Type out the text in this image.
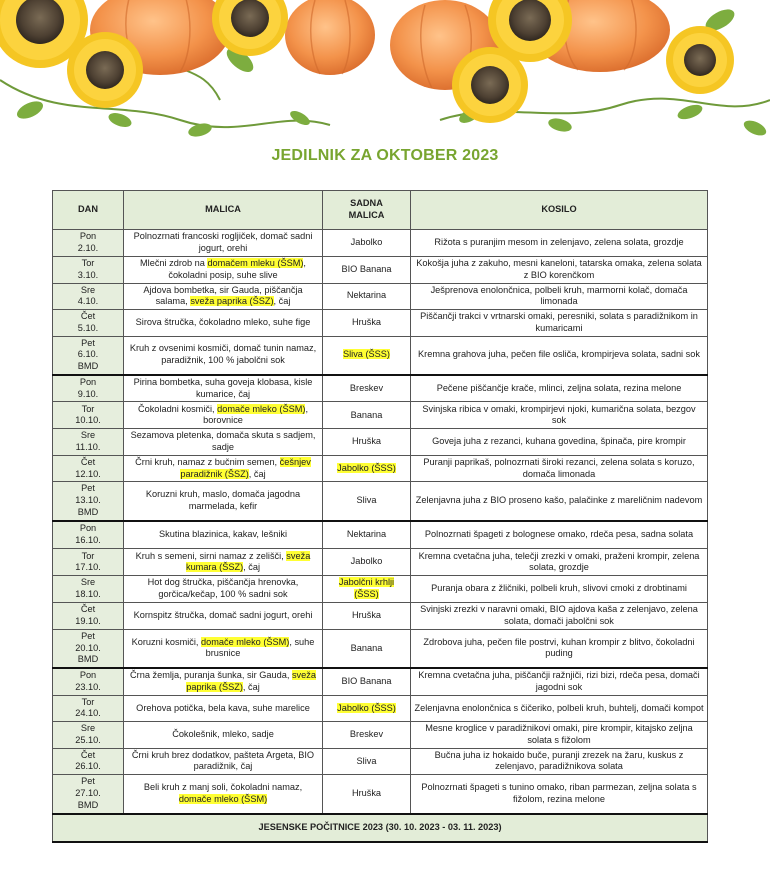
JEDILNIK ZA OKTOBER 2023
DAN	MALICA	SADNA MALICA	KOSILO

Pon
2.10.	Polnozrnati francoski rogljiček, domač sadni jogurt, orehi	Jabolko	Rižota s puranjim mesom in zelenjavo, zelena solata, grozdje

Tor
3.10.	Mlečni zdrob na domačem mleku (ŠSM), čokoladni posip, suhe slive	BIO Banana	Kokošja juha z zakuho, mesni kaneloni, tatarska omaka, zelena solata z BIO korenčkom

Sre
4.10.	Ajdova bombetka, sir Gauda, piščančja salama, sveža paprika (ŠSZ), čaj	Nektarina	Ješprenova enolončnica, polbeli kruh, marmorni kolač, domača limonada

Čet
5.10.	Sirova štručka, čokoladno mleko, suhe fige	Hruška	Piščančji trakci v vrtnarski omaki, peresniki, solata s paradižnikom in kumaricami

Pet
6.10.
BMD	Kruh z ovsenimi kosmiči, domač tunin namaz, paradižnik, 100 % jabolčni sok	Sliva (ŠSS)	Kremna grahova juha, pečen file osliča, krompirjeva solata, sadni sok

Pon
9.10.	Pirina bombetka, suha goveja klobasa, kisle kumarice, čaj	Breskev	Pečene piščančje krače, mlinci, zeljna solata, rezina melone

Tor
10.10.	Čokoladni kosmiči, domače mleko (ŠSM), borovnice	Banana	Svinjska ribica v omaki, krompirjevi njoki, kumarična solata, bezgov sok

Sre
11.10.	Sezamova pletenka, domača skuta s sadjem, sadje	Hruška	Goveja juha z rezanci, kuhana govedina, špinača, pire krompir

Čet
12.10.	Črni kruh, namaz z bučnim semen, češnjev paradižnik (ŠSZ), čaj	Jabolko (ŠSS)	Puranji paprikaš, polnozrnati široki rezanci, zelena solata s koruzo, domača limonada

Pet
13.10.
BMD	Koruzni kruh, maslo, domača jagodna marmelada, kefir	Sliva	Zelenjavna juha z BIO proseno kašo, palačinke z mareličnim nadevom

Pon
16.10.	Skutina blazinica, kakav, lešniki	Nektarina	Polnozrnati špageti z bolognese omako, rdeča pesa, sadna solata

Tor
17.10.	Kruh s semeni, sirni namaz z zelišči, sveža kumara (ŠSZ), čaj	Jabolko	Kremna cvetačna juha, telečji zrezki v omaki, praženi krompir, zelena solata, grozdje

Sre
18.10.	Hot dog štručka, piščančja hrenovka, gorčica/kečap, 100 % sadni sok	Jabolčni krhlji (ŠSS)	Puranja obara z žličniki, polbeli kruh, slivovi cmoki z drobtinami

Čet
19.10.	Kornspitz štručka, domač sadni jogurt, orehi	Hruška	Svinjski zrezki v naravni omaki, BIO ajdova kaša z zelenjavo, zelena solata, domači jabolčni sok

Pet
20.10.
BMD	Koruzni kosmiči, domače mleko (ŠSM), suhe brusnice	Banana	Zdrobova juha, pečen file postrvi, kuhan krompir z blitvo, čokoladni puding

Pon
23.10.	Črna žemlja, puranja šunka, sir Gauda, sveža paprika (ŠSZ), čaj	BIO Banana	Kremna cvetačna juha, piščančji ražnjiči, rizi bizi, rdeča pesa, domači jagodni sok

Tor
24.10.	Orehova potička, bela kava, suhe marelice	Jabolko (ŠSS)	Zelenjavna enolončnica s čičeriko, polbeli kruh, buhtelj, domači kompot

Sre
25.10.	Čokolešnik, mleko, sadje	Breskev	Mesne kroglice v paradižnikovi omaki, pire krompir, kitajsko zeljna solata s fižolom

Čet
26.10.	Črni kruh brez dodatkov, pašteta Argeta, BIO paradižnik, čaj	Sliva	Bučna juha iz hokaido buče, puranji zrezek na žaru, kuskus z zelenjavo, paradižnikova solata

Pet
27.10.
BMD	Beli kruh z manj soli, čokoladni namaz, domače mleko (ŠSM)	Hruška	Polnozrnati špageti s tunino omako, riban parmezan, zeljna solata s fižolom, rezina melone
JESENSKE POČITNICE 2023 (30. 10. 2023 - 03. 11. 2023)			
